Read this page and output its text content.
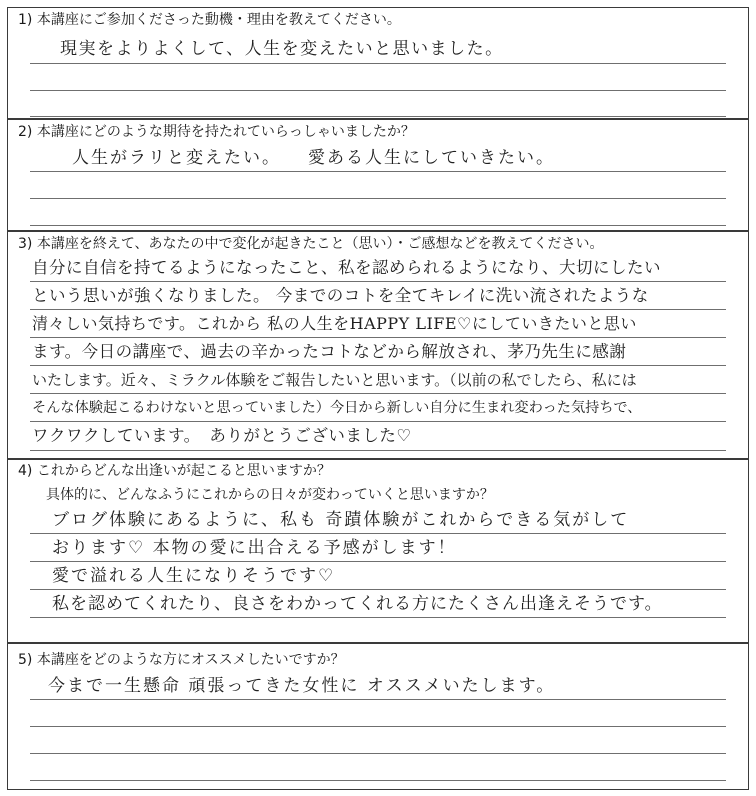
1) 本講座にご参加くださった動機・理由を教えてください。
現実をよりよくして、人生を変えたいと思いました。
2) 本講座にどのような期待を持たれていらっしゃいましたか？
人生がラリと変えたい。 愛ある人生にしていきたい。
3) 本講座を終えて、あなたの中で変化が起きたこと（思い）・ご感想などを教えてください。
自分に自信を持てるようになったこと、私を認められるようになり、大切にしたい
という思いが強くなりました。 今までのコトを全てキレイに洗い流されたような
清々しい気持ちです。これから 私の人生をHAPPY LIFE♡にしていきたいと思い
ます。今日の講座で、過去の辛かったコトなどから解放され、茅乃先生に感謝
いたします。近々、ミラクル体験をご報告したいと思います。（以前の私でしたら、私には
そんな体験起こるわけないと思っていました）今日から新しい自分に生まれ変わった気持ちで、
ワクワクしています。　ありがとうございました♡
4) これからどんな出逢いが起こると思いますか？
具体的に、どんなふうにこれからの日々が変わっていくと思いますか？
ブログ体験にあるように、私も 奇蹟体験がこれからできる気がして
おります♡ 本物の愛に出合える予感がします！
愛で溢れる人生になりそうです♡
私を認めてくれたり、良さをわかってくれる方にたくさん出逢えそうです。
5) 本講座をどのような方にオススメしたいですか？
今まで一生懸命 頑張ってきた女性に オススメいたします。
